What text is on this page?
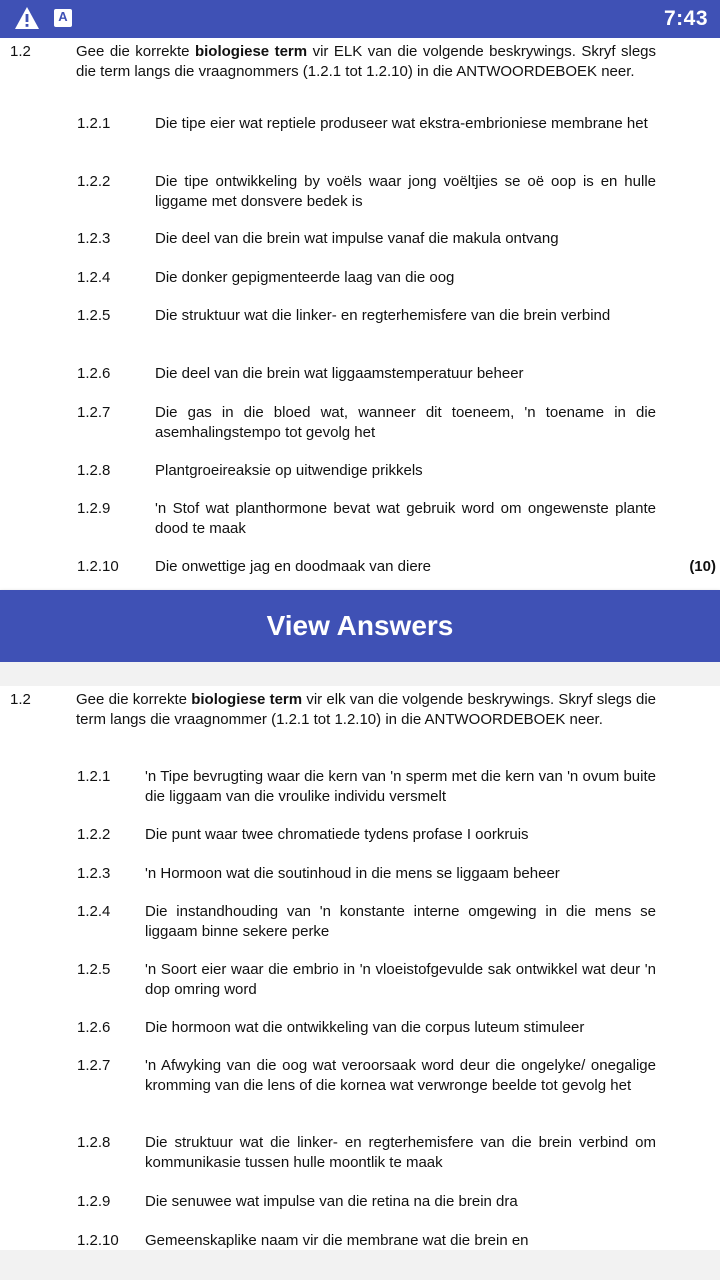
A	7:43
1.2	Gee die korrekte biologiese term vir ELK van die volgende beskrywings. Skryf slegs die term langs die vraagnommers (1.2.1 tot 1.2.10) in die ANTWOORDEBOEK neer.
1.2.1	Die tipe eier wat reptiele produseer wat ekstra-embrioniese membrane het
1.2.2	Die tipe ontwikkeling by voëls waar jong voëltjies se oë oop is en hulle liggame met donsvere bedek is
1.2.3	Die deel van die brein wat impulse vanaf die makula ontvang
1.2.4	Die donker gepigmenteerde laag van die oog
1.2.5	Die struktuur wat die linker- en regterhemisfere van die brein verbind
1.2.6	Die deel van die brein wat liggaamstemperatuur beheer
1.2.7	Die gas in die bloed wat, wanneer dit toeneem, 'n toename in die asemhalingstempo tot gevolg het
1.2.8	Plantgroeireaksie op uitwendige prikkels
1.2.9	'n Stof wat planthormone bevat wat gebruik word om ongewenste plante dood te maak
1.2.10 Die onwettige jag en doodmaak van diere	(10)
View Answers
1.2	Gee die korrekte biologiese term vir elk van die volgende beskrywings. Skryf slegs die term langs die vraagnommer (1.2.1 tot 1.2.10) in die ANTWOORDEBOEK neer.
1.2.1 'n Tipe bevrugting waar die kern van 'n sperm met die kern van 'n ovum buite die liggaam van die vroulike individu versmelt
1.2.2 Die punt waar twee chromatiede tydens profase I oorkruis
1.2.3 'n Hormoon wat die soutinhoud in die mens se liggaam beheer
1.2.4 Die instandhouding van 'n konstante interne omgewing in die mens se liggaam binne sekere perke
1.2.5 'n Soort eier waar die embrio in 'n vloeistofgevulde sak ontwikkel wat deur 'n dop omring word
1.2.6 Die hormoon wat die ontwikkeling van die corpus luteum stimuleer
1.2.7 'n Afwyking van die oog wat veroorsaak word deur die ongelyke/ onegalige kromming van die lens of die kornea wat verwronge beelde tot gevolg het
1.2.8 Die struktuur wat die linker- en regterhemisfere van die brein verbind om kommunikasie tussen hulle moontlik te maak
1.2.9 Die senuwee wat impulse van die retina na die brein dra
1.2.10 Gemeenskaplike naam vir die membrane wat die brein en
